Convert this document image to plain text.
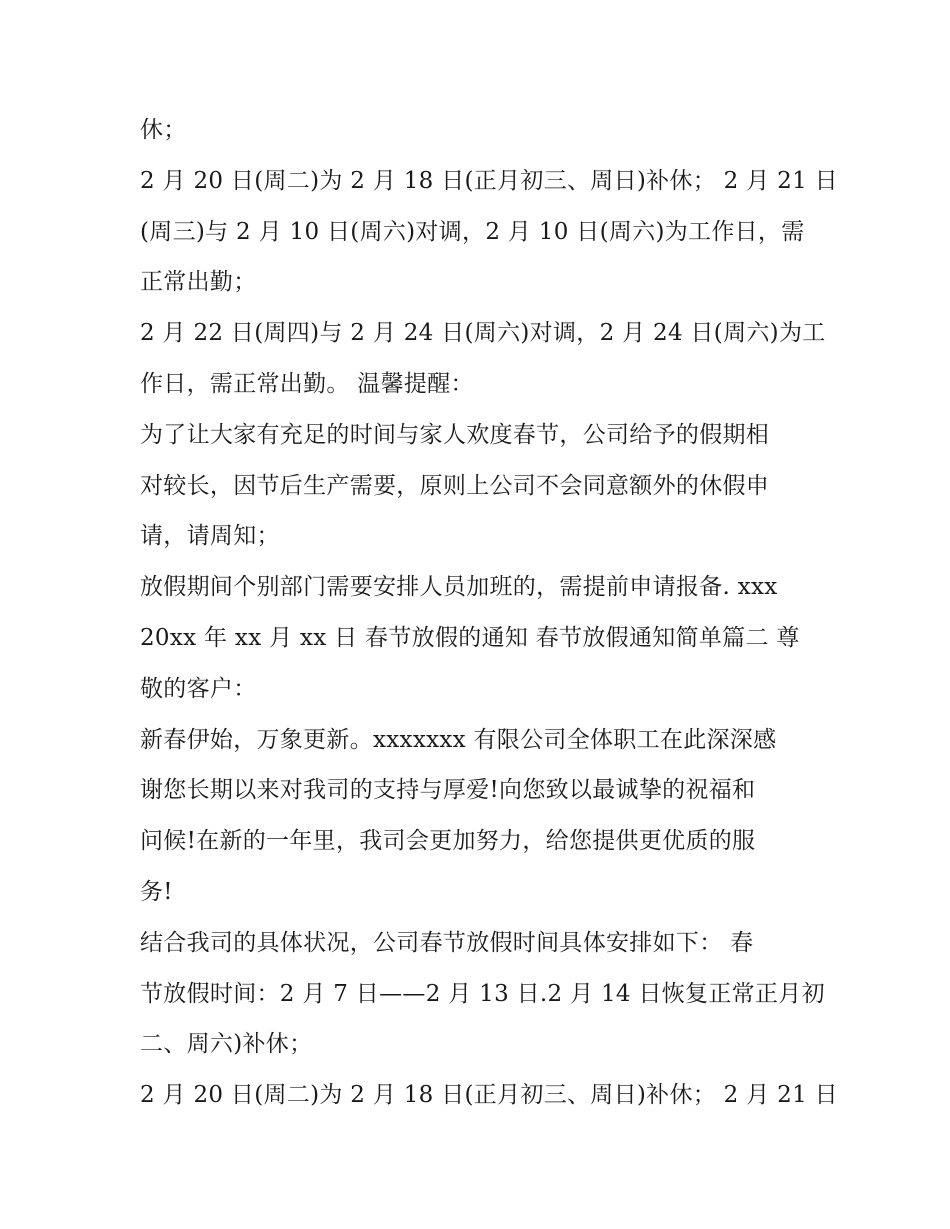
休；
2 月 20 日(周二)为 2 月 18 日(正月初三、周日)补休； 2 月 21 日
(周三)与 2 月 10 日(周六)对调，2 月 10 日(周六)为工作日，需
正常出勤；
2 月 22 日(周四)与 2 月 24 日(周六)对调，2 月 24 日(周六)为工
作日，需正常出勤。 温馨提醒：
为了让大家有充足的时间与家人欢度春节，公司给予的假期相
对较长，因节后生产需要，原则上公司不会同意额外的休假申
请，请周知；
放假期间个别部门需要安排人员加班的，需提前申请报备. xxx
20xx 年 xx 月 xx 日 春节放假的通知 春节放假通知简单篇二 尊
敬的客户：
新春伊始，万象更新。xxxxxxx 有限公司全体职工在此深深感
谢您长期以来对我司的支持与厚爱!向您致以最诚挚的祝福和
问候!在新的一年里，我司会更加努力，给您提供更优质的服
务!
结合我司的具体状况，公司春节放假时间具体安排如下： 春
节放假时间：2 月 7 日——2 月 13 日.2 月 14 日恢复正常正月初
二、周六)补休；
2 月 20 日(周二)为 2 月 18 日(正月初三、周日)补休； 2 月 21 日
